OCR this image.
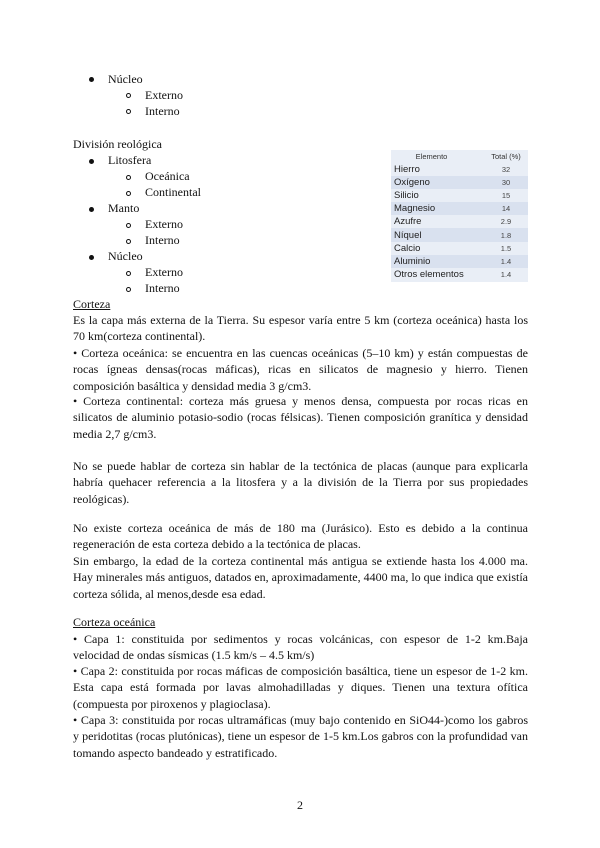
Núcleo
Externo
Interno
División reológica
Litosfera
Oceánica
Continental
Manto
Externo
Interno
Núcleo
Externo
Interno
Elemento	Total (%)
Hierro	32
Oxígeno	30
Silicio	15
Magnesio	14
Azufre	2.9
Níquel	1.8
Calcio	1.5
Aluminio	1.4
Otros elementos	1.4
Corteza
Es la capa más externa de la Tierra. Su espesor varía entre 5 km (corteza oceánica) hasta los 70 km(corteza continental).
• Corteza oceánica: se encuentra en las cuencas oceánicas (5–10 km) y están compuestas de rocas ígneas densas(rocas máficas), ricas en silicatos de magnesio y hierro. Tienen composición basáltica y densidad media 3 g/cm3.
• Corteza continental: corteza más gruesa y menos densa, compuesta por rocas ricas en silicatos de aluminio potasio-sodio (rocas félsicas). Tienen composición granítica y densidad media 2,7 g/cm3.
No se puede hablar de corteza sin hablar de la tectónica de placas (aunque para explicarla habría quehacer referencia a la litosfera y a la división de la Tierra por sus propiedades reológicas).
No existe corteza oceánica de más de 180 ma (Jurásico). Esto es debido a la continua regeneración de esta corteza debido a la tectónica de placas.
Sin embargo, la edad de la corteza continental más antigua se extiende hasta los 4.000 ma. Hay minerales más antiguos, datados en, aproximadamente, 4400 ma, lo que indica que existía corteza sólida, al menos,desde esa edad.
Corteza oceánica
• Capa 1: constituida por sedimentos y rocas volcánicas, con espesor de 1-2 km.Baja velocidad de ondas sísmicas (1.5 km/s – 4.5 km/s)
• Capa 2: constituida por rocas máficas de composición basáltica, tiene un espesor de 1-2 km. Esta capa está formada por lavas almohadilladas y diques. Tienen una textura ofítica (compuesta por piroxenos y plagioclasa).
• Capa 3: constituida por rocas ultramáficas (muy bajo contenido en SiO44-)como los gabros y peridotitas (rocas plutónicas), tiene un espesor de 1-5 km.Los gabros con la profundidad van tomando aspecto bandeado y estratificado.
2
